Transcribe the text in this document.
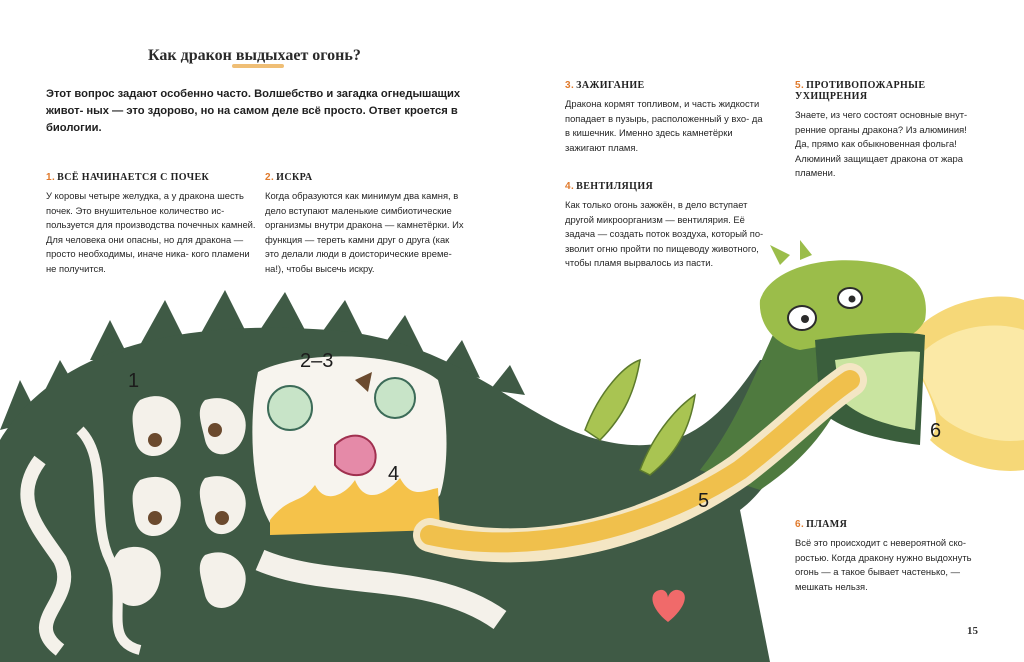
Как дракон выдыхает огонь?
Этот вопрос задают особенно часто. Волшебство и загадка огнедышащих живот- ных — это здорово, но на самом деле всё просто. Ответ кроется в биологии.
1. ВСЁ НАЧИНАЕТСЯ С ПОЧЕК
У коровы четыре желудка, а у дракона шесть почек. Это внушительное количество ис- пользуется для производства почечных камней. Для человека они опасны, но для дракона — просто необходимы, иначе ника- кого пламени не получится.
2. ИСКРА
Когда образуются как минимум два камня, в дело вступают маленькие симбиотические организмы внутри дракона — камнетёрки. Их функция — тереть камни друг о друга (как это делали люди в доисторические време- на!), чтобы высечь искру.
3. ЗАЖИГАНИЕ
Дракона кормят топливом, и часть жидкости попадает в пузырь, расположенный у вхо- да в кишечник. Именно здесь камнетёрки зажигают пламя.
4. ВЕНТИЛЯЦИЯ
Как только огонь зажжён, в дело вступает другой микроорганизм — вентилярия. Её задача — создать поток воздуха, который по- зволит огню пройти по пищеводу животного, чтобы пламя вырвалось из пасти.
5. ПРОТИВОПОЖАРНЫЕ УХИЩРЕНИЯ
Знаете, из чего состоят основные внут- ренние органы дракона? Из алюминия! Да, прямо как обыкновенная фольга! Алюминий защищает дракона от жара пламени.
6. ПЛАМЯ
Всё это происходит с невероятной ско- ростью. Когда дракону нужно выдохнуть огонь — а такое бывает частенько, — мешкать нельзя.
1
2–3
4
5
6
15
